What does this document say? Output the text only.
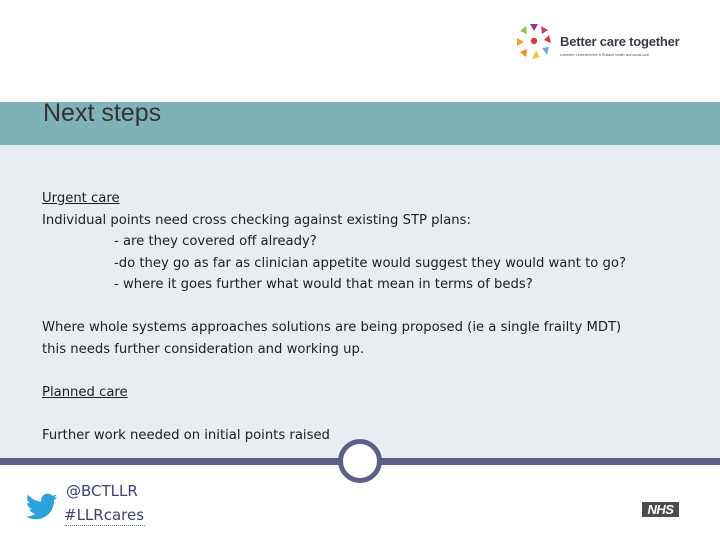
Better care together
Leicester, Leicestershire & Rutland health and social care
Next steps
Urgent care
Individual points need cross checking against existing STP plans:
- are they covered off already?
-do they go as far as clinician appetite would suggest they would want to go?
- where it goes further what would that mean in terms of beds?
Where whole systems approaches solutions are being proposed (ie a single frailty MDT)
this needs further consideration and working up.
Planned care
Further work needed on initial points raised
@BCTLLR
#LLRcares	NHS
